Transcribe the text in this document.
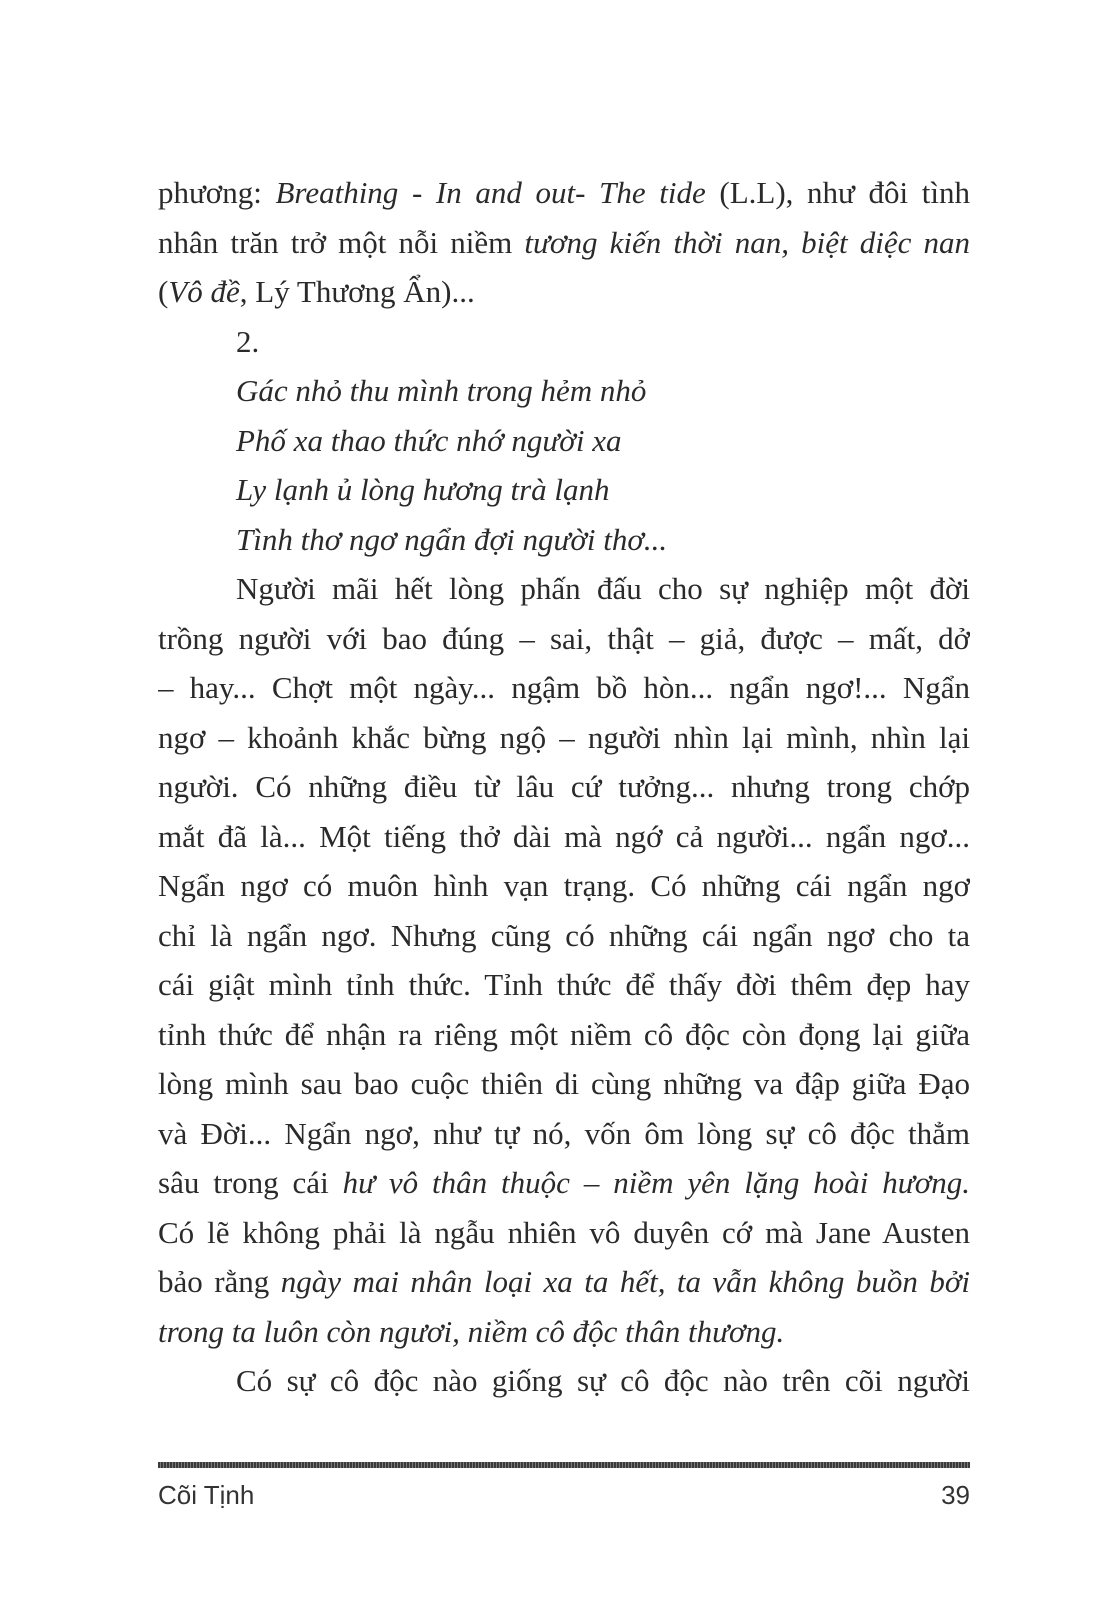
phương: Breathing - In and out- The tide (L.L), như đôi tình
nhân trăn trở một nỗi niềm tương kiến thời nan, biệt diệc nan
(Vô đề, Lý Thương Ẩn)...
2.
Gác nhỏ thu mình trong hẻm nhỏ
Phố xa thao thức nhớ người xa
Ly lạnh ủ lòng hương trà lạnh
Tình thơ ngơ ngẩn đợi người thơ...
Người mãi hết lòng phấn đấu cho sự nghiệp một đời
trồng người với bao đúng – sai, thật – giả, được – mất, dở
– hay... Chợt một ngày... ngậm bồ hòn... ngẩn ngơ!... Ngẩn
ngơ – khoảnh khắc bừng ngộ – người nhìn lại mình, nhìn lại
người. Có những điều từ lâu cứ tưởng... nhưng trong chớp
mắt đã là... Một tiếng thở dài mà ngớ cả người... ngẩn ngơ...
Ngẩn ngơ có muôn hình vạn trạng. Có những cái ngẩn ngơ
chỉ là ngẩn ngơ. Nhưng cũng có những cái ngẩn ngơ cho ta
cái giật mình tỉnh thức. Tỉnh thức để thấy đời thêm đẹp hay
tỉnh thức để nhận ra riêng một niềm cô độc còn đọng lại giữa
lòng mình sau bao cuộc thiên di cùng những va đập giữa Đạo
và Đời... Ngẩn ngơ, như tự nó, vốn ôm lòng sự cô độc thẳm
sâu trong cái hư vô thân thuộc – niềm yên lặng hoài hương.
Có lẽ không phải là ngẫu nhiên vô duyên cớ mà Jane Austen
bảo rằng ngày mai nhân loại xa ta hết, ta vẫn không buồn bởi
trong ta luôn còn ngươi, niềm cô độc thân thương.
Có sự cô độc nào giống sự cô độc nào trên cõi người
Cõi Tịnh	39
